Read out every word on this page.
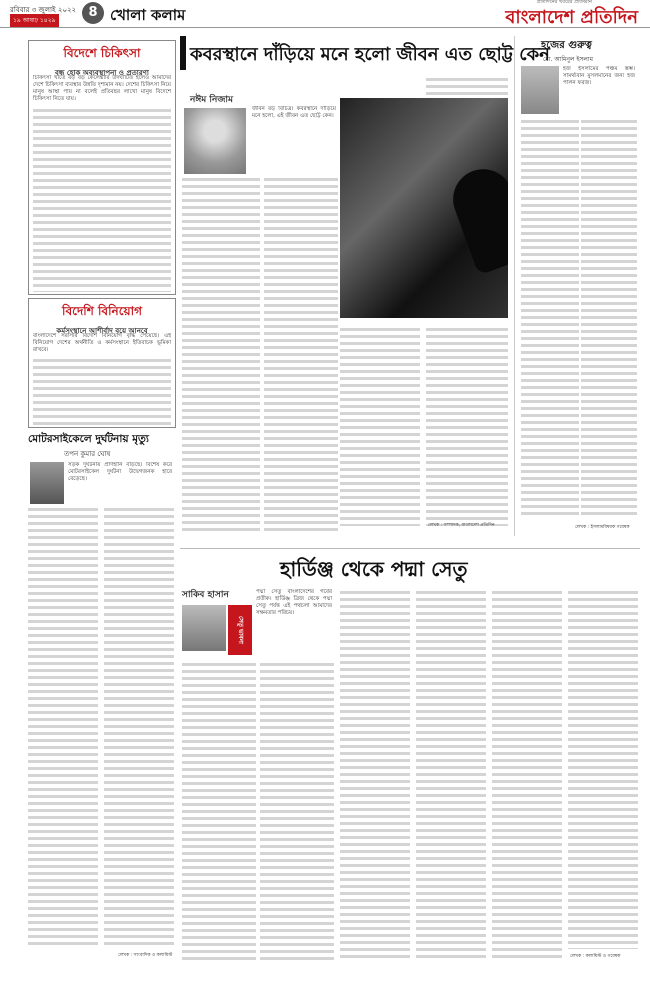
রবিবার ৩ জুলাই ২০২২
১৯ আষাঢ় ১৪২৯
8 খোলা কলাম
প্রতিদিনের খবরের প্রতিধ্বনি
বাংলাদেশ প্রতিদিন
বিদেশে চিকিৎসা
বন্ধ হোক অব্যবস্থাপনা ও প্রতারণা
চিকিৎসা খাতে বড় বড় কেলেঙ্কারি উদঘাটিত হলেও আমাদের দেশে চিকিৎসা ব্যবস্থার উন্নতি দৃশ্যমান নয়। দেশের চিকিৎসা নিয়ে মানুষ আস্থা পায় না বলেই প্রতিবছর লাখো মানুষ বিদেশে চিকিৎসা নিতে যায়।
বিদেশি বিনিয়োগ
কর্মসংস্থানে আশীর্বাদ বয়ে আনবে
বাংলাদেশে সরাসরি বিদেশি বিনিয়োগ বৃদ্ধি পেয়েছে। এই বিনিয়োগ দেশের অর্থনীতি ও কর্মসংস্থানে ইতিবাচক ভূমিকা রাখবে।
মোটরসাইকেলে দুর্ঘটনায় মৃত্যু
তপন কুমার ঘোষ
সড়ক দুর্ঘটনায় প্রাণহানি বাড়ছে। বিশেষ করে মোটরসাইকেল দুর্ঘটনা উদ্বেগজনক হারে বেড়েছে।
লেখক : সাংবাদিক ও কলামিস্ট
কবরস্থানে দাঁড়িয়ে মনে হলো জীবন এত ছোট্ট কেন
নঈম নিজাম
জীবন বড় বিচিত্র। কবরস্থানে দাঁড়িয়ে মনে হলো, এই জীবন এত ছোট্ট কেন।
লেখক : সম্পাদক, বাংলাদেশ প্রতিদিন
হজের গুরুত্ব
মো. আমিনুল ইসলাম
হজ ইসলামের পঞ্চম স্তম্ভ। সামর্থ্যবান মুসলমানের জন্য হজ পালন ফরজ।
লেখক : ইসলামবিষয়ক গবেষক
হার্ডিঞ্জ থেকে পদ্মা সেতু
সাকিব হাসান
সেতু ভাবনা
পদ্মা সেতু বাংলাদেশের গর্বের প্রতীক। হার্ডিঞ্জ ব্রিজ থেকে পদ্মা সেতু পর্যন্ত এই পথচলা আমাদের সক্ষমতার পরিচয়।
লেখক : কলামিস্ট ও গবেষক
